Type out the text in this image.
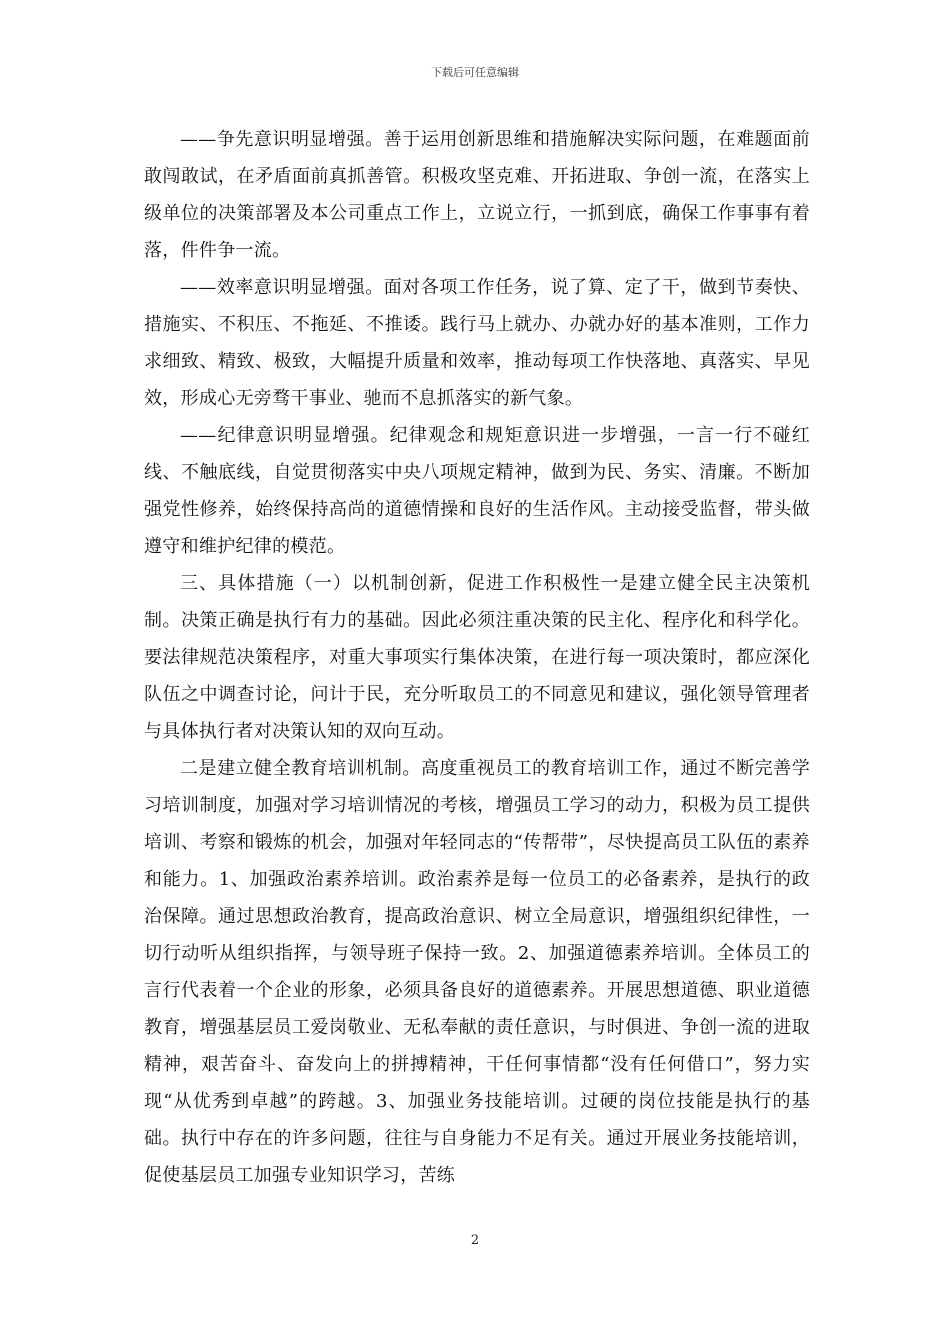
下载后可任意编辑

——争先意识明显增强。善于运用创新思维和措施解决实际问题，在难题面前敢闯敢试，在矛盾面前真抓善管。积极攻坚克难、开拓进取、争创一流，在落实上级单位的决策部署及本公司重点工作上，立说立行，一抓到底，确保工作事事有着落，件件争一流。

——效率意识明显增强。面对各项工作任务，说了算、定了干，做到节奏快、措施实、不积压、不拖延、不推诿。践行马上就办、办就办好的基本准则，工作力求细致、精致、极致，大幅提升质量和效率，推动每项工作快落地、真落实、早见效，形成心无旁骛干事业、驰而不息抓落实的新气象。

——纪律意识明显增强。纪律观念和规矩意识进一步增强，一言一行不碰红线、不触底线，自觉贯彻落实中央八项规定精神，做到为民、务实、清廉。不断加强党性修养，始终保持高尚的道德情操和良好的生活作风。主动接受监督，带头做遵守和维护纪律的模范。

三、具体措施（一）以机制创新，促进工作积极性一是建立健全民主决策机制。决策正确是执行有力的基础。因此必须注重决策的民主化、程序化和科学化。要法律规范决策程序，对重大事项实行集体决策，在进行每一项决策时，都应深化队伍之中调查讨论，问计于民，充分听取员工的不同意见和建议，强化领导管理者与具体执行者对决策认知的双向互动。

二是建立健全教育培训机制。高度重视员工的教育培训工作，通过不断完善学习培训制度，加强对学习培训情况的考核，增强员工学习的动力，积极为员工提供培训、考察和锻炼的机会，加强对年轻同志的“传帮带”，尽快提高员工队伍的素养和能力。1、加强政治素养培训。政治素养是每一位员工的必备素养，是执行的政治保障。通过思想政治教育，提高政治意识、树立全局意识，增强组织纪律性，一切行动听从组织指挥，与领导班子保持一致。2、加强道德素养培训。全体员工的言行代表着一个企业的形象，必须具备良好的道德素养。开展思想道德、职业道德教育，增强基层员工爱岗敬业、无私奉献的责任意识，与时俱进、争创一流的进取精神，艰苦奋斗、奋发向上的拼搏精神，干任何事情都“没有任何借口”，努力实现“从优秀到卓越”的跨越。3、加强业务技能培训。过硬的岗位技能是执行的基础。执行中存在的许多问题，往往与自身能力不足有关。通过开展业务技能培训，促使基层员工加强专业知识学习，苦练

2
